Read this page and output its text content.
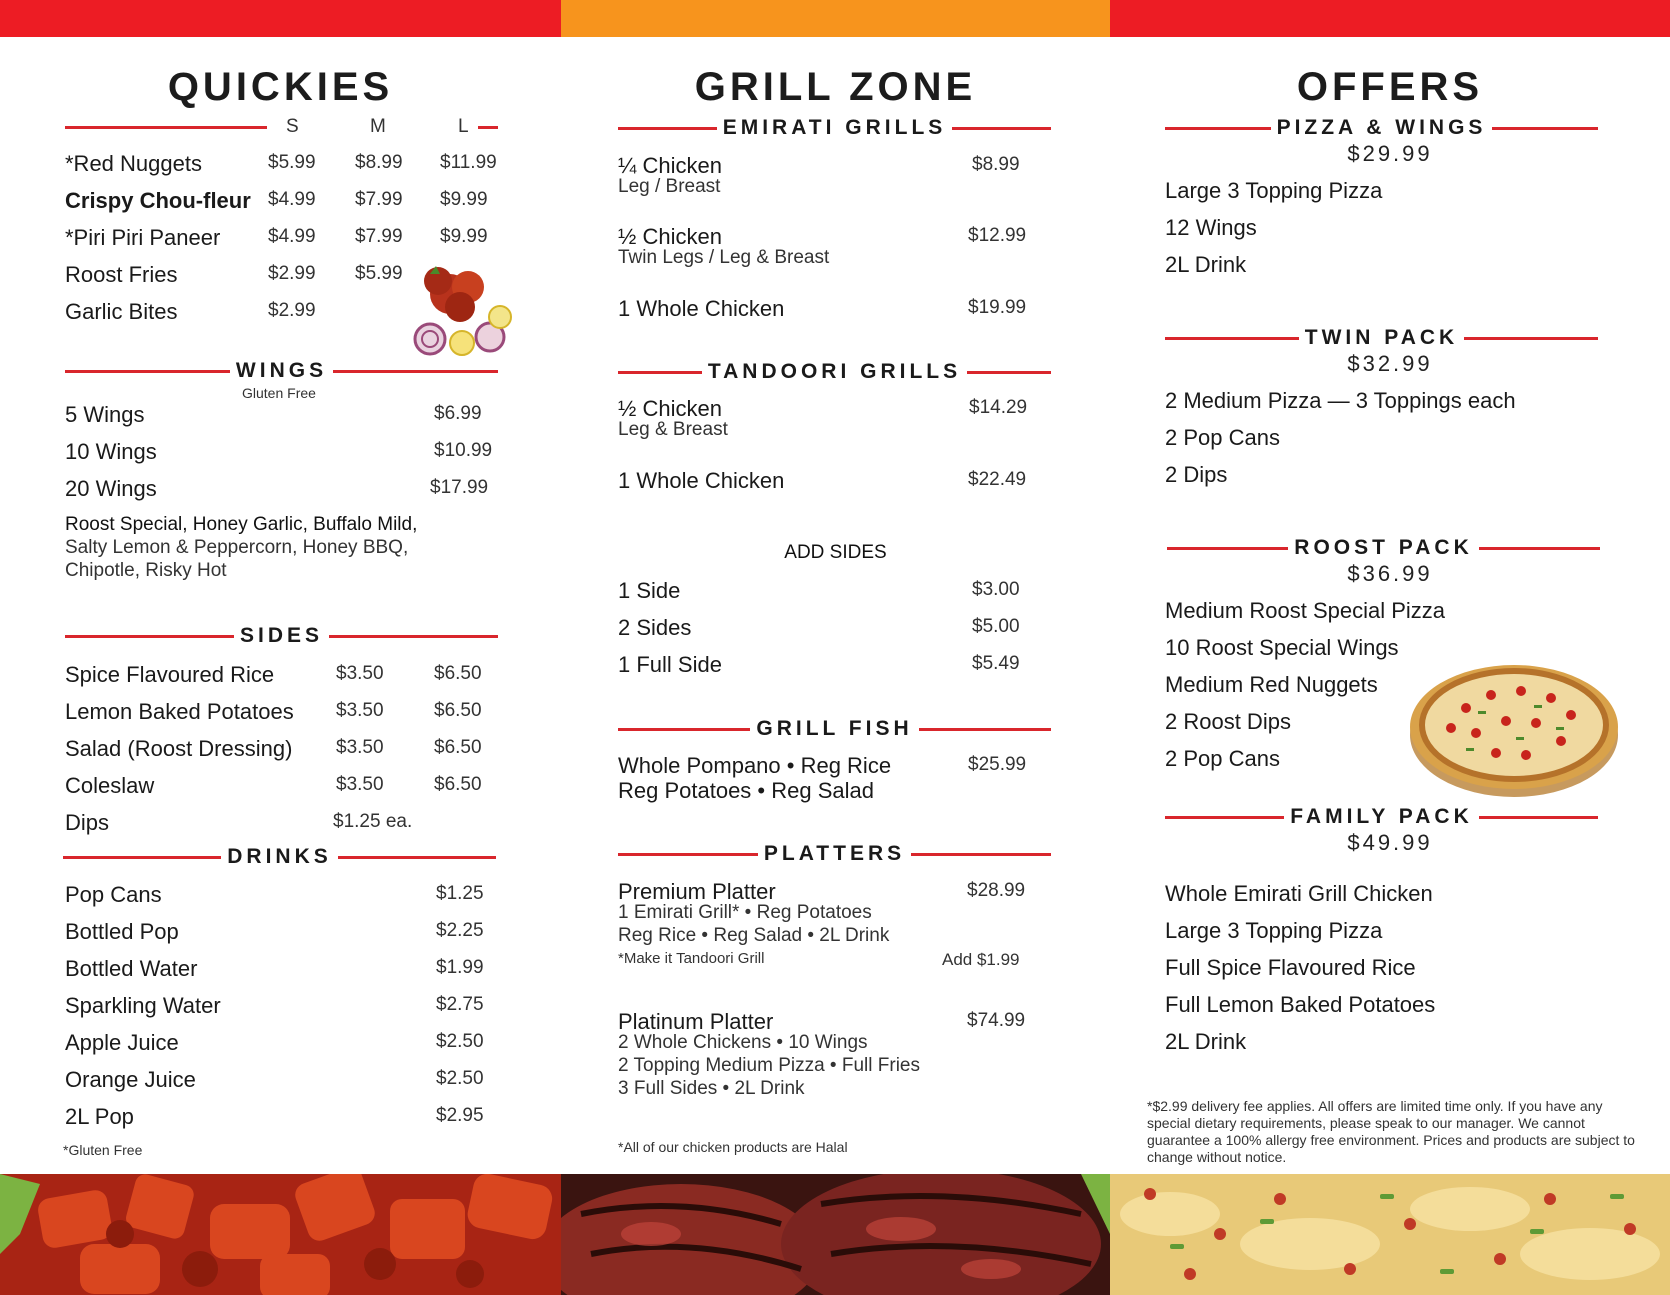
QUICKIES
S	M	L
*Red Nuggets	$5.99 $8.99 $11.99
Crispy Chou-fleur $4.99 $7.99 $9.99
*Piri Piri Paneer	$4.99 $7.99 $9.99
Roost Fries	$2.99 $5.99
Garlic Bites	$2.99
WINGS
Gluten Free
5 Wings	$6.99
10 Wings	$10.99
20 Wings	$17.99
Roost Special, Honey Garlic, Buffalo Mild,
Salty Lemon & Peppercorn, Honey BBQ,
Chipotle, Risky Hot
SIDES
Spice Flavoured Rice	$3.50	$6.50
Lemon Baked Potatoes $3.50	$6.50
Salad (Roost Dressing) $3.50	$6.50
Coleslaw	$3.50	$6.50
Dips	$1.25 ea.
DRINKS
Pop Cans	$1.25
Bottled Pop	$2.25
Bottled Water	$1.99
Sparkling Water	$2.75
Apple Juice	$2.50
Orange Juice	$2.50
2L Pop	$2.95
*Gluten Free
GRILL ZONE
EMIRATI GRILLS
¼ Chicken
Leg / Breast
$8.99
½ Chicken
Twin Legs / Leg & Breast
$12.99
1 Whole Chicken	$19.99
TANDOORI GRILLS
½ Chicken
Leg & Breast
$14.29
1 Whole Chicken	$22.49
ADD SIDES
1 Side	$3.00
2 Sides	$5.00
1 Full Side	$5.49
GRILL FISH
Whole Pompano • Reg Rice
Reg Potatoes • Reg Salad
$25.99
PLATTERS
Premium Platter	$28.99
1 Emirati Grill* • Reg Potatoes
Reg Rice • Reg Salad • 2L Drink
*Make it Tandoori Grill	Add $1.99
Platinum Platter	$74.99
2 Whole Chickens • 10 Wings
2 Topping Medium Pizza • Full Fries
3 Full Sides • 2L Drink
*All of our chicken products are Halal
OFFERS
PIZZA & WINGS
$29.99
Large 3 Topping Pizza
12 Wings
2L Drink
TWIN PACK
$32.99
2 Medium Pizza — 3 Toppings each
2 Pop Cans
2 Dips
ROOST PACK
$36.99
Medium Roost Special Pizza
10 Roost Special Wings
Medium Red Nuggets
2 Roost Dips
2 Pop Cans
FAMILY PACK
$49.99
Whole Emirati Grill Chicken
Large 3 Topping Pizza
Full Spice Flavoured Rice
Full Lemon Baked Potatoes
2L Drink
*$2.99 delivery fee applies. All offers are limited time only. If you have any special dietary requirements, please speak to our manager. We cannot guarantee a 100% allergy free environment. Prices and products are subject to change without notice.
